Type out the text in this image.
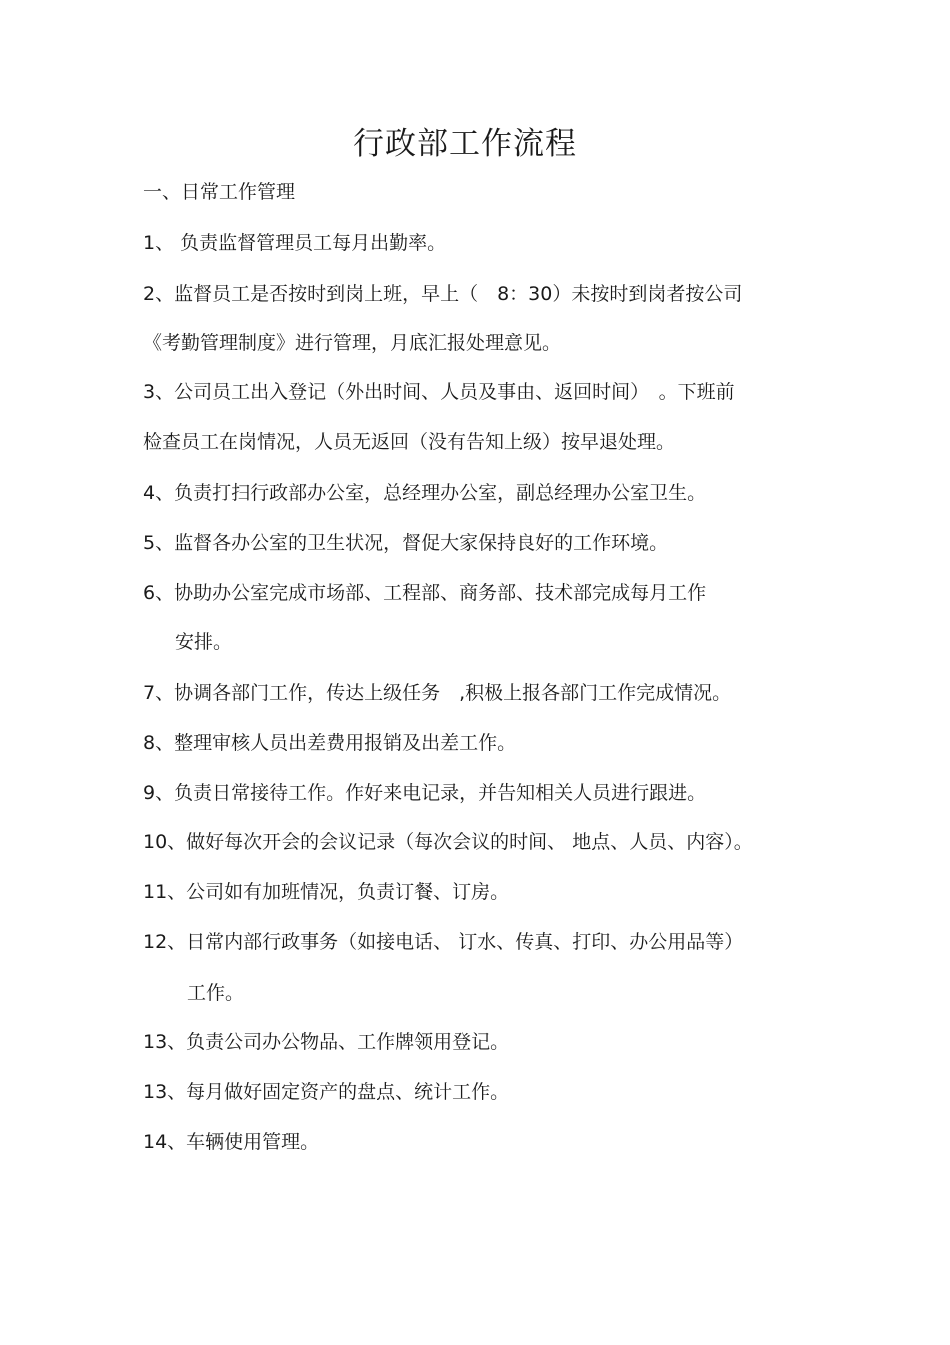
行政部工作流程

一、日常工作管理

1、 负责监督管理员工每月出勤率。

2、监督员工是否按时到岗上班，早上（　8：30）未按时到岗者按公司

《考勤管理制度》进行管理，月底汇报处理意见。

3、公司员工出入登记（外出时间、人员及事由、返回时间）　。下班前

检查员工在岗情况，人员无返回（没有告知上级）按早退处理。

4、负责打扫行政部办公室，总经理办公室，副总经理办公室卫生。

5、监督各办公室的卫生状况，督促大家保持良好的工作环境。

6、协助办公室完成市场部、工程部、商务部、技术部完成每月工作

安排。

7、协调各部门工作，传达上级任务　,积极上报各部门工作完成情况。

8、整理审核人员出差费用报销及出差工作。

9、负责日常接待工作。作好来电记录，并告知相关人员进行跟进。

10、做好每次开会的会议记录（每次会议的时间、 地点、人员、内容）。

11、公司如有加班情况，负责订餐、订房。

12、日常内部行政事务（如接电话、 订水、传真、打印、办公用品等）

工作。

13、负责公司办公物品、工作牌领用登记。

13、每月做好固定资产的盘点、统计工作。

14、车辆使用管理。
